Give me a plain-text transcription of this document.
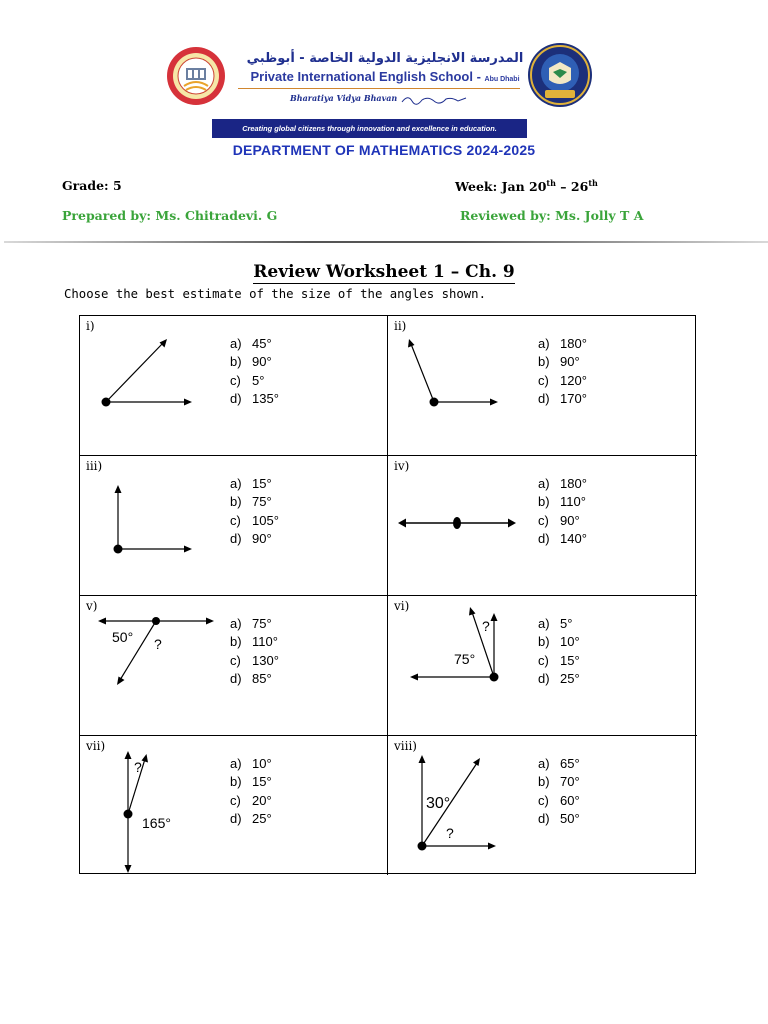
المدرسة الانجليزية الدولية الخاصة - أبوظبي
Private International English School - Abu Dhabi
Bharatiya Vidya Bhavan
Creating global citizens through innovation and excellence in education.
DEPARTMENT OF MATHEMATICS 2024-2025
Grade: 5	Week: Jan 20th – 26th
Prepared by: Ms. Chitradevi. G	Reviewed by: Ms. Jolly T A
Review Worksheet 1 – Ch. 9
Choose the best estimate of the size of the angles shown.
i)
a) 45°
b) 90°
c) 5°
d) 135°
ii)
a) 180°
b) 90°
c) 120°
d) 170°
iii)
a) 15°
b) 75°
c) 105°
d) 90°
iv)
a) 180°
b) 110°
c) 90°
d) 140°
v)
50° ?
a) 75°
b) 110°
c) 130°
d) 85°
vi)
75°
?	a) 5°
b) 10°
c) 15°
d) 25°
vii)
165°
?	a) 10°
b) 15°
c) 20°
d) 25°
viii)
30°
?
a) 65°
b) 70°
c) 60°
d) 50°
